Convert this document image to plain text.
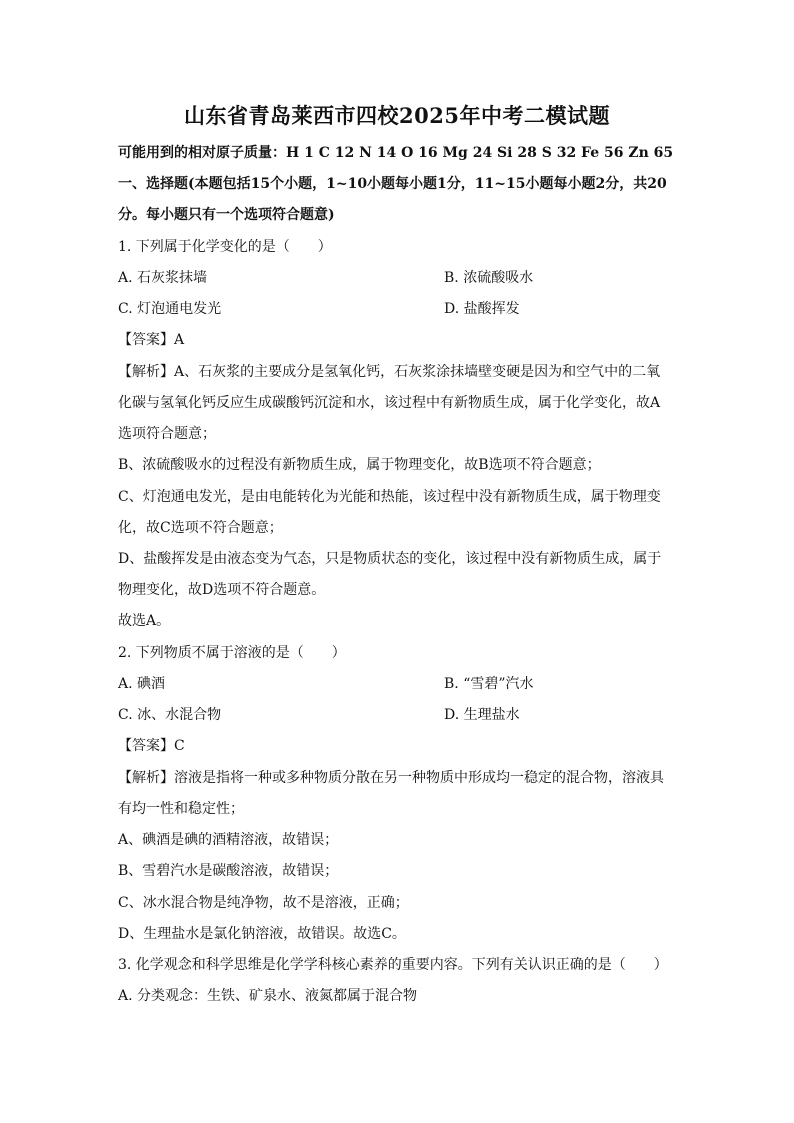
山东省青岛莱西市四校2025年中考二模试题
可能用到的相对原子质量：H 1 C 12 N 14 O 16 Mg 24 Si 28 S 32 Fe 56 Zn 65
一、选择题(本题包括15个小题，1~10小题每小题1分，11~15小题每小题2分，共20
分。每小题只有一个选项符合题意)
1. 下列属于化学变化的是（　　）
A. 石灰浆抹墙	B. 浓硫酸吸水
C. 灯泡通电发光	D. 盐酸挥发
【答案】A
【解析】A、石灰浆的主要成分是氢氧化钙，石灰浆涂抹墙壁变硬是因为和空气中的二氧
化碳与氢氧化钙反应生成碳酸钙沉淀和水，该过程中有新物质生成，属于化学变化，故A
选项符合题意；
B、浓硫酸吸水的过程没有新物质生成，属于物理变化，故B选项不符合题意；
C、灯泡通电发光，是由电能转化为光能和热能，该过程中没有新物质生成，属于物理变
化，故C选项不符合题意；
D、盐酸挥发是由液态变为气态，只是物质状态的变化，该过程中没有新物质生成，属于
物理变化，故D选项不符合题意。
故选A。
2. 下列物质不属于溶液的是（　　）
A. 碘酒	B. “雪碧”汽水
C. 冰、水混合物	D. 生理盐水
【答案】C
【解析】溶液是指将一种或多种物质分散在另一种物质中形成均一稳定的混合物，溶液具
有均一性和稳定性；
A、碘酒是碘的酒精溶液，故错误；
B、雪碧汽水是碳酸溶液，故错误；
C、冰水混合物是纯净物，故不是溶液，正确；
D、生理盐水是氯化钠溶液，故错误。故选C。
3. 化学观念和科学思维是化学学科核心素养的重要内容。下列有关认识正确的是（　　）
A. 分类观念：生铁、矿泉水、液氮都属于混合物
